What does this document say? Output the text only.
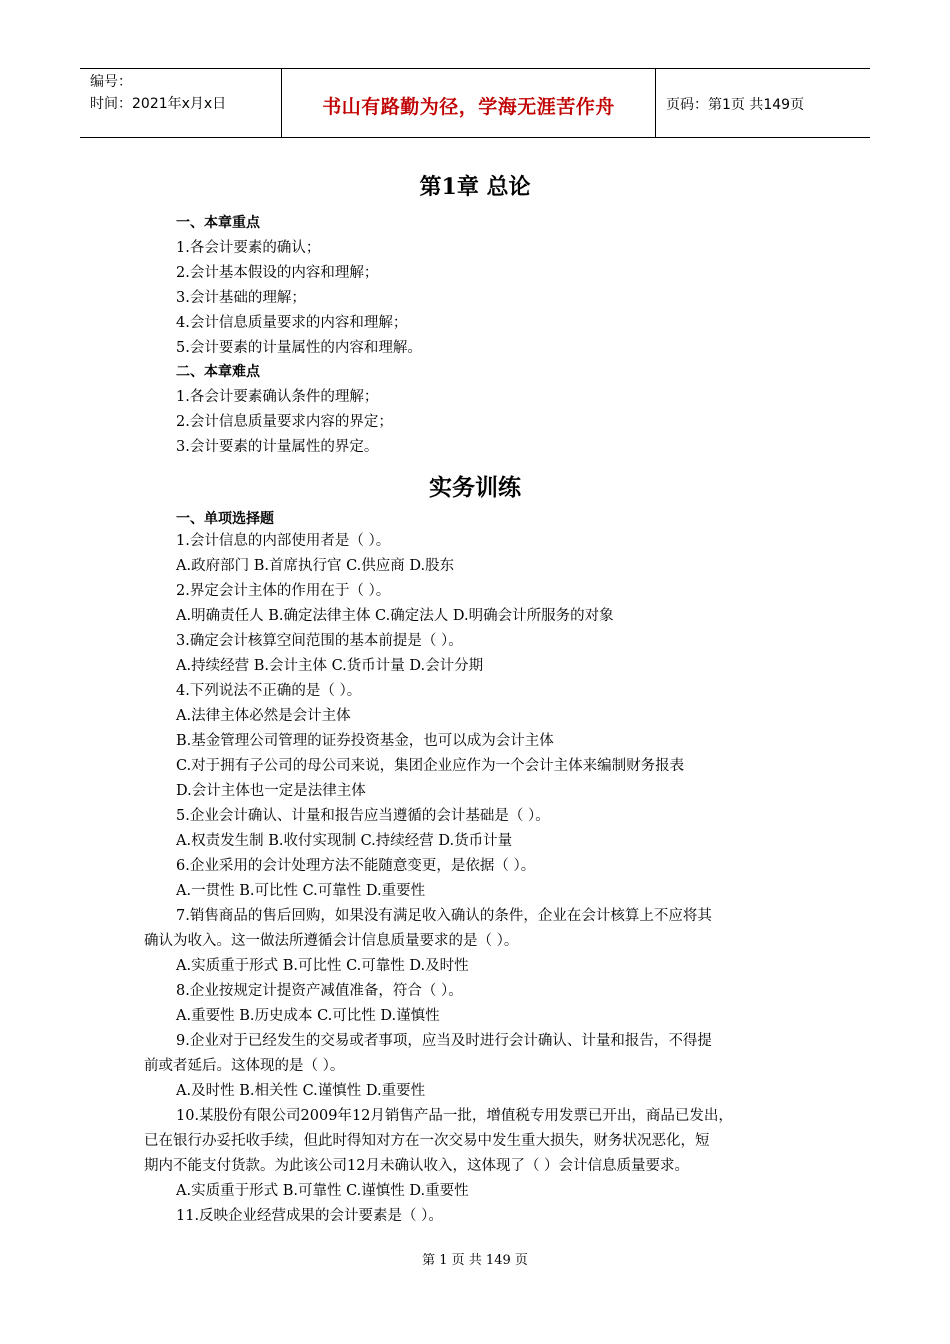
编号：
时间：2021年x月x日	书山有路勤为径，学海无涯苦作舟	页码：第1页 共149页
第1章 总论
实务训练
一、本章重点
1.各会计要素的确认；
2.会计基本假设的内容和理解；
3.会计基础的理解；
4.会计信息质量要求的内容和理解；
5.会计要素的计量属性的内容和理解。
二、本章难点
1.各会计要素确认条件的理解；
2.会计信息质量要求内容的界定；
3.会计要素的计量属性的界定。
一、单项选择题
1.会计信息的内部使用者是（ ）。
A.政府部门 B.首席执行官 C.供应商 D.股东
2.界定会计主体的作用在于（ ）。
A.明确责任人 B.确定法律主体 C.确定法人 D.明确会计所服务的对象
3.确定会计核算空间范围的基本前提是（ ）。
A.持续经营 B.会计主体 C.货币计量 D.会计分期
4.下列说法不正确的是（ ）。
A.法律主体必然是会计主体
B.基金管理公司管理的证券投资基金，也可以成为会计主体
C.对于拥有子公司的母公司来说，集团企业应作为一个会计主体来编制财务报表
D.会计主体也一定是法律主体
5.企业会计确认、计量和报告应当遵循的会计基础是（ ）。
A.权责发生制 B.收付实现制 C.持续经营 D.货币计量
6.企业采用的会计处理方法不能随意变更，是依据（ ）。
A.一贯性 B.可比性 C.可靠性 D.重要性
7.销售商品的售后回购，如果没有满足收入确认的条件，企业在会计核算上不应将其
确认为收入。这一做法所遵循会计信息质量要求的是（ ）。
A.实质重于形式 B.可比性 C.可靠性 D.及时性
8.企业按规定计提资产减值准备，符合（ ）。
A.重要性 B.历史成本 C.可比性 D.谨慎性
9.企业对于已经发生的交易或者事项，应当及时进行会计确认、计量和报告，不得提
前或者延后。这体现的是（ ）。
A.及时性 B.相关性 C.谨慎性 D.重要性
10.某股份有限公司2009年12月销售产品一批，增值税专用发票已开出，商品已发出，
已在银行办妥托收手续，但此时得知对方在一次交易中发生重大损失，财务状况恶化，短
期内不能支付货款。为此该公司12月未确认收入，这体现了（ ）会计信息质量要求。
A.实质重于形式 B.可靠性 C.谨慎性 D.重要性
11.反映企业经营成果的会计要素是（ ）。
第 1 页 共 149 页
